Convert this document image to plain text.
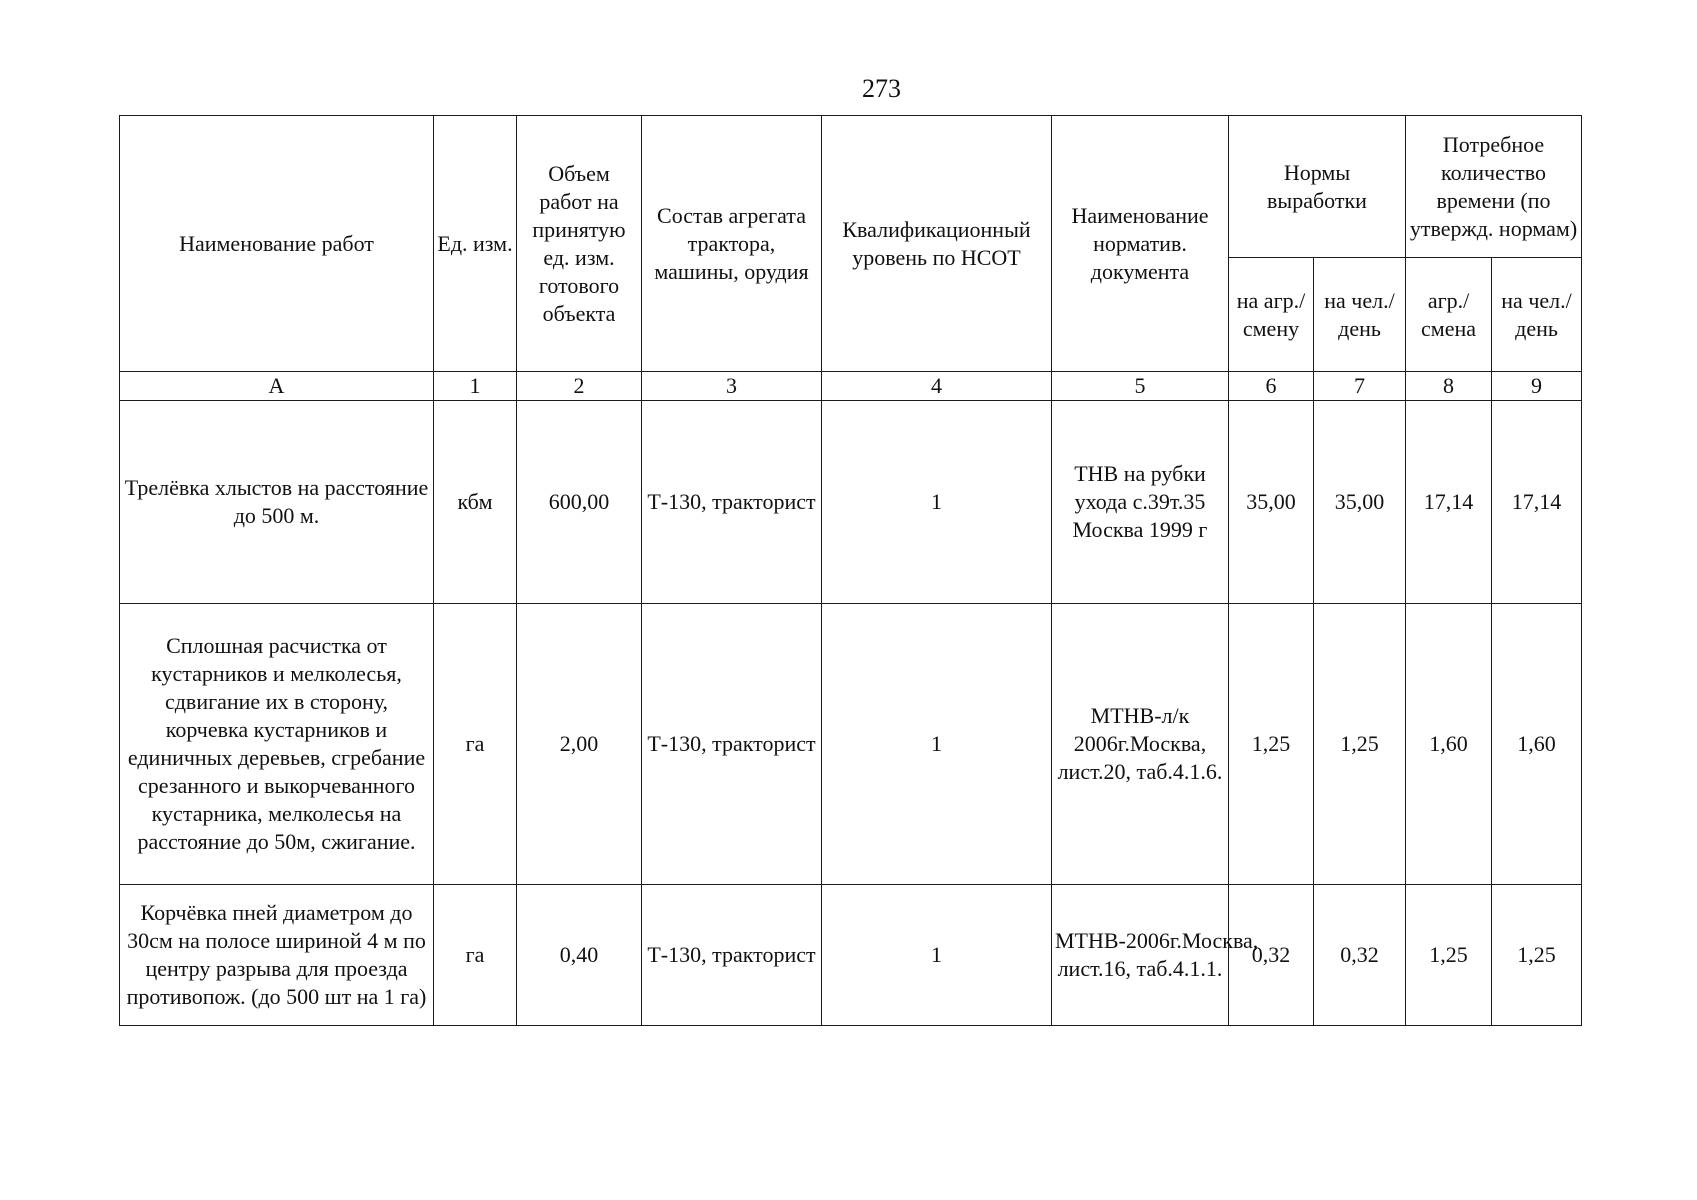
273
Наименование работ	Ед. изм.	Объем работ на принятую ед. изм. готового объекта	Состав агрегата трактора, машины, орудия	Квалификационный уровень по НСОТ	Наименование норматив. документа	Нормы выработки		Потребное количество времени (по утвержд. нормам)	
						на агр./ смену	на чел./ день	агр./ смена	на чел./ день
А	1	2	3	4	5	6	7	8	9
Трелёвка хлыстов на расстояние до 500 м.	кбм	600,00	Т-130, тракторист	1	ТНВ на рубки ухода с.39т.35 Москва 1999 г	35,00	35,00	17,14	17,14
Сплошная расчистка от кустарников и мелколесья, сдвигание их в сторону, корчевка кустарников и единичных деревьев, сгребание срезанного и выкорчеванного кустарника, мелколесья на расстояние до 50м, сжигание.	га	2,00	Т-130, тракторист	1	МТНВ-л/к 2006г.Москва, лист.20, таб.4.1.6.	1,25	1,25	1,60	1,60
Корчёвка пней диаметром до 30см на полосе шириной 4 м по центру разрыва для проезда противопож. (до 500 шт на 1 га)	га	0,40	Т-130, тракторист	1	МТНВ-2006г.Москва, лист.16, таб.4.1.1.	0,32	0,32	1,25	1,25
